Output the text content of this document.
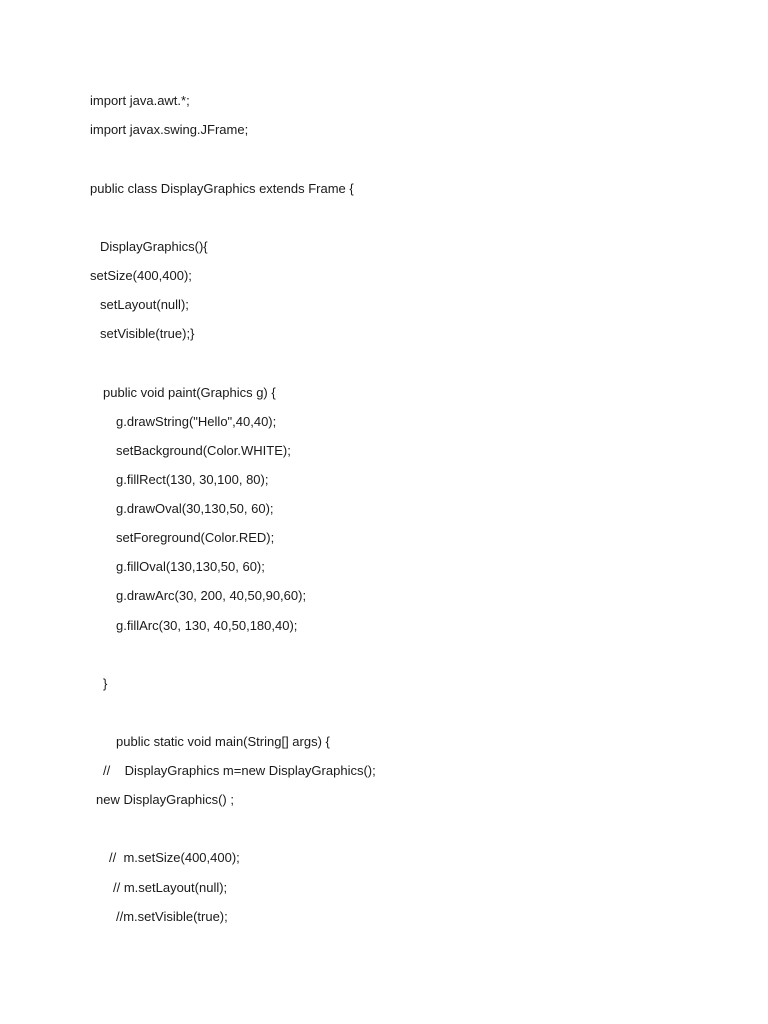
import java.awt.*;
import javax.swing.JFrame;
public class DisplayGraphics extends Frame {
DisplayGraphics(){
setSize(400,400);
setLayout(null);
setVisible(true);}
public void paint(Graphics g) {
g.drawString("Hello",40,40);
setBackground(Color.WHITE);
g.fillRect(130, 30,100, 80);
g.drawOval(30,130,50, 60);
setForeground(Color.RED);
g.fillOval(130,130,50, 60);
g.drawArc(30, 200, 40,50,90,60);
g.fillArc(30, 130, 40,50,180,40);
}
public static void main(String[] args) {
//    DisplayGraphics m=new DisplayGraphics();
new DisplayGraphics() ;
//  m.setSize(400,400);
// m.setLayout(null);
//m.setVisible(true);
